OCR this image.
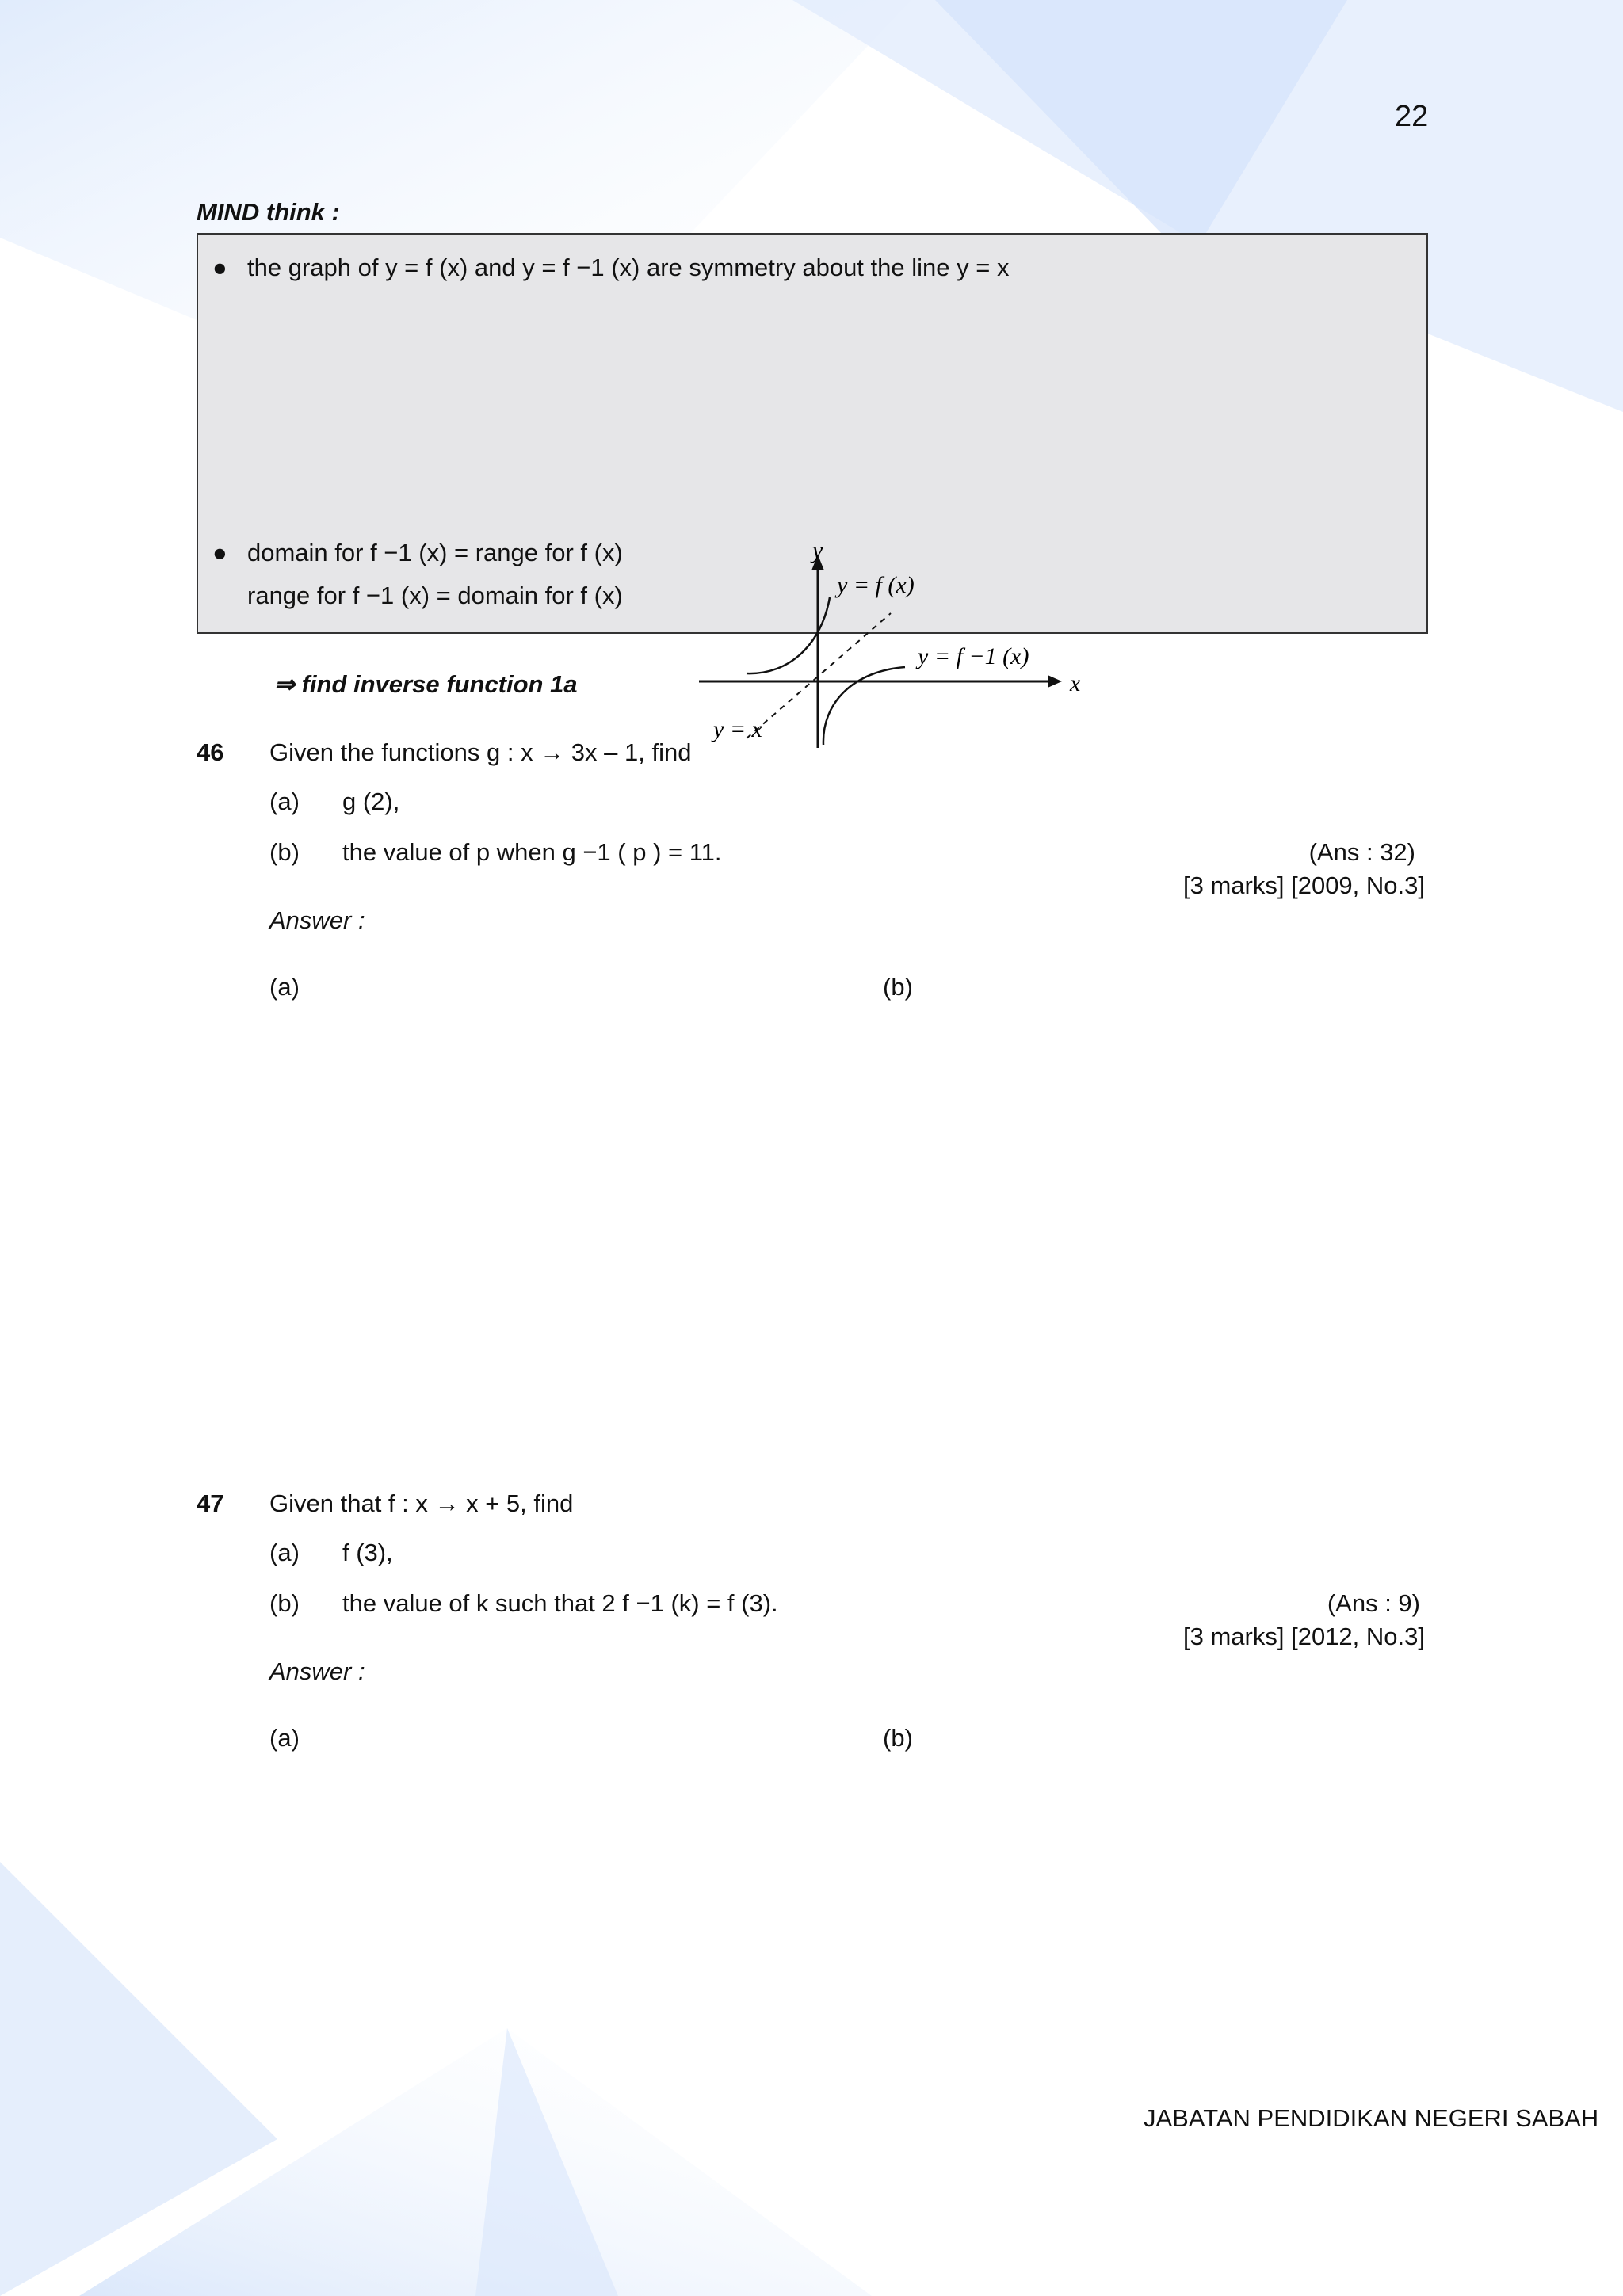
22
MIND think :
● the graph of y = f (x) and y = f −1 (x) are symmetry about the line y = x
y
x
y = f (x)
y = f −1 (x)
y = x
● domain for f −1 (x) = range for f (x)
range for f −1 (x) = domain for f (x)
⇒ find inverse function 1a
46 Given the functions g : x → 3x – 1, find
(a) g (2),
(b) the value of p when g −1 ( p ) = 11.	(Ans : 32)
[3 marks] [2009, No.3]
Answer :
(a)	(b)
47 Given that f : x → x + 5, find
(a) f (3),
(b) the value of k such that 2 f −1 (k) = f (3).	(Ans : 9)
[3 marks] [2012, No.3]
Answer :
(a)	(b)
JABATAN PENDIDIKAN NEGERI SABAH
